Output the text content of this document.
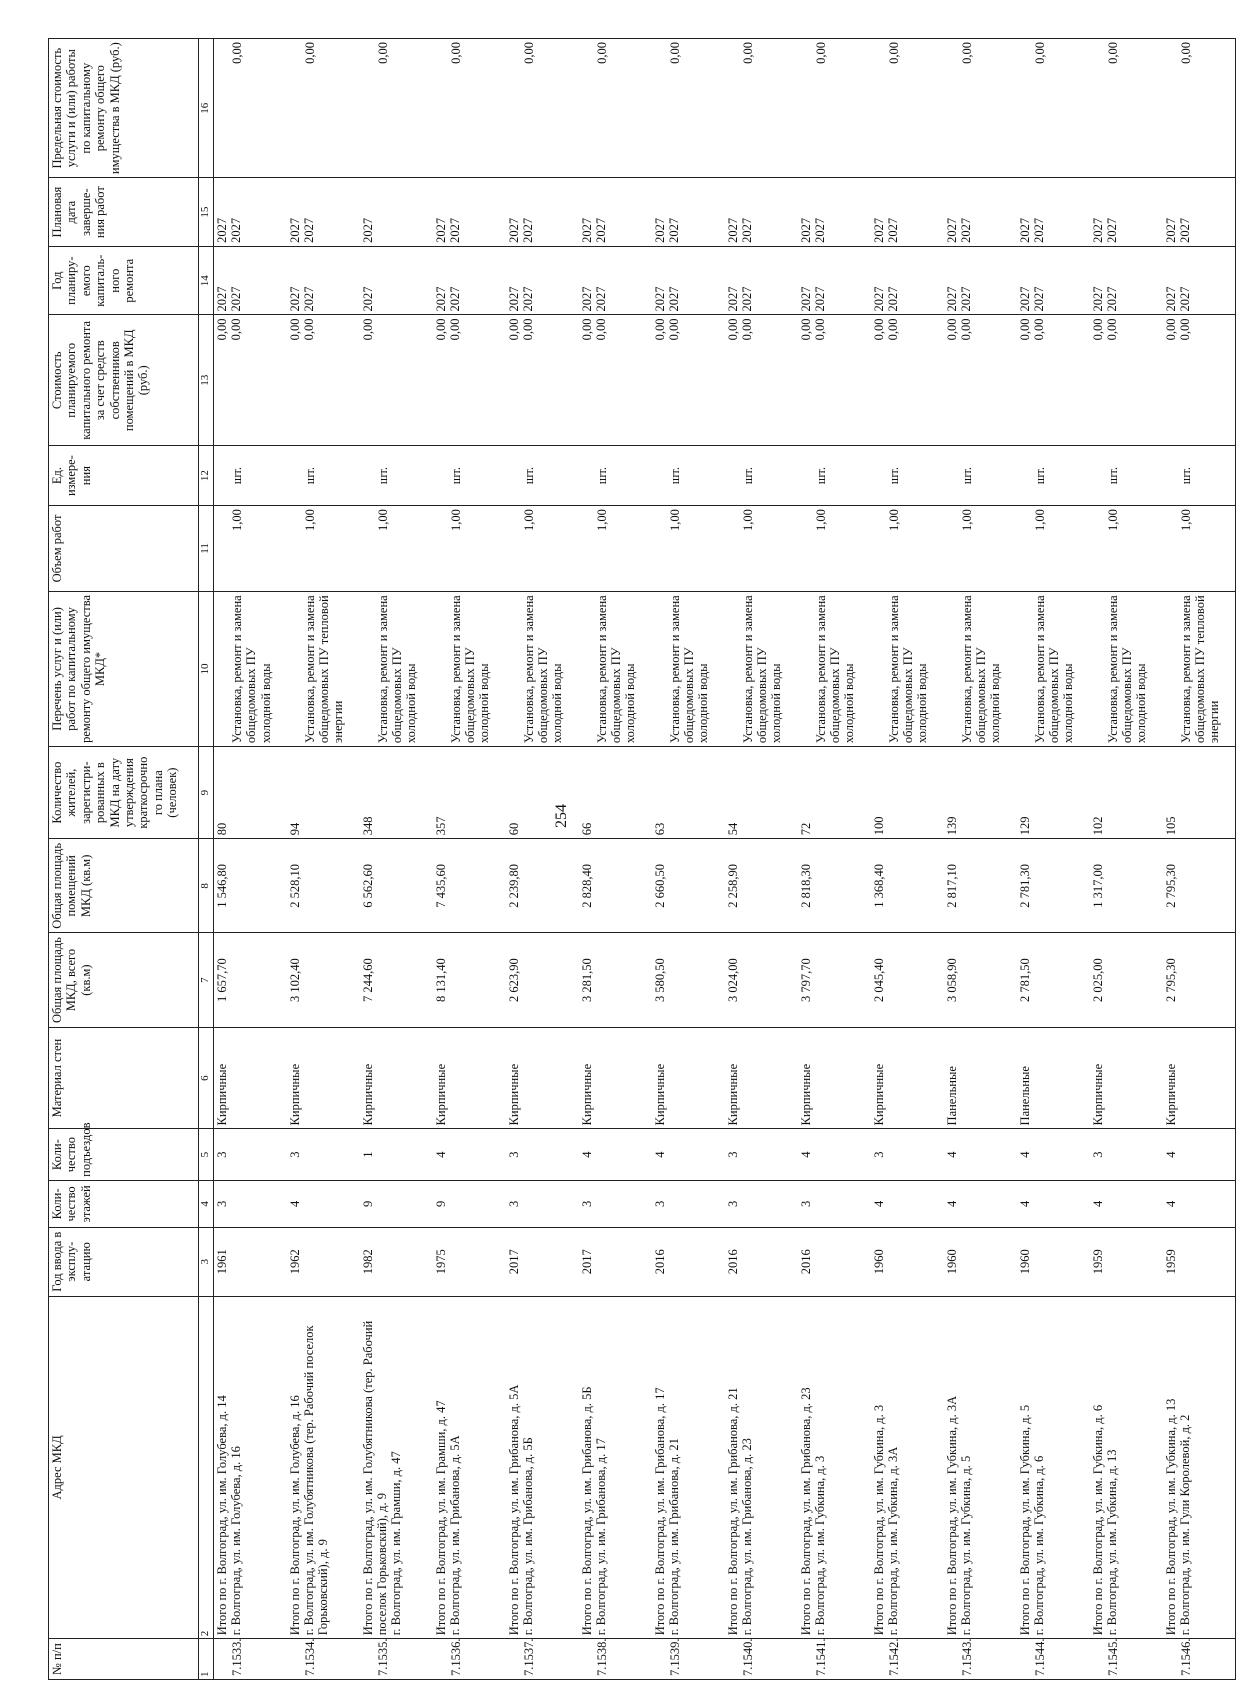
254
№ п/п	Адрес МКД	Год ввода в эксплу-атацию	Коли-чество этажей	Коли-чество подъездов	Материал стен	Общая площадь МКД, всего (кв.м)	Общая площадь помещений МКД (кв.м)	Количество жителей, зарегистри-рованных в МКД на дату утверждения краткосрочно го плана (человек)	Перечень услуг и (или) работ по капитальному ремонту общего имущества МКД*	Объем работ	Ед. измере-ния	Стоимость планируемого капитального ремонта за счет средств собственников помещений в МКД (руб.)	Год планиру-емого капиталь-ного ремонта	Плановая дата заверше-ния работ	Предельная стоимость услуги и (или) работы по капитальному ремонту общего имущества в МКД (руб.)
1	2	3	4	5	6	7	8	9	10	11	12	13	14	15	16

7.1533.	Итого по г. Волгоград, ул. им. Голубева, д. 14 г. Волгоград, ул. им. Голубева, д. 16	1961	3	3	Кирпичные	1 657,70	1 546,80	80	Установка, ремонт и замена общедомовых ПУ холодной воды	1,00	шт.	0,00 0,00	2027 2027	2027 2027	0,00

7.1534.	Итого по г. Волгоград, ул. им. Голубева, д. 16 г. Волгоград, ул. им. Голубятникова (тер. Рабочий поселок Горьковский), д. 9	1962	4	3	Кирпичные	3 102,40	2 528,10	94	Установка, ремонт и замена общедомовых ПУ тепловой энергии	1,00	шт.	0,00 0,00	2027 2027	2027 2027	0,00

7.1535.	Итого по г. Волгоград, ул. им. Голубятникова (тер. Рабочий поселок Горьковский), д. 9 г. Волгоград, ул. им. Грамши, д. 47	1982	9	1	Кирпичные	7 244,60	6 562,60	348	Установка, ремонт и замена общедомовых ПУ холодной воды	1,00	шт.	0,00	2027	2027	0,00

7.1536.	Итого по г. Волгоград, ул. им. Грамши, д. 47 г. Волгоград, ул. им. Грибанова, д. 5А	1975	9	4	Кирпичные	8 131,40	7 435,60	357	Установка, ремонт и замена общедомовых ПУ холодной воды	1,00	шт.	0,00 0,00	2027 2027	2027 2027	0,00

7.1537.	Итого по г. Волгоград, ул. им. Грибанова, д. 5А г. Волгоград, ул. им. Грибанова, д. 5Б	2017	3	3	Кирпичные	2 623,90	2 239,80	60	Установка, ремонт и замена общедомовых ПУ холодной воды	1,00	шт.	0,00 0,00	2027 2027	2027 2027	0,00

7.1538.	Итого по г. Волгоград, ул. им. Грибанова, д. 5Б г. Волгоград, ул. им. Грибанова, д. 17	2017	3	4	Кирпичные	3 281,50	2 828,40	66	Установка, ремонт и замена общедомовых ПУ холодной воды	1,00	шт.	0,00 0,00	2027 2027	2027 2027	0,00

7.1539.	Итого по г. Волгоград, ул. им. Грибанова, д. 17 г. Волгоград, ул. им. Грибанова, д. 21	2016	3	4	Кирпичные	3 580,50	2 660,50	63	Установка, ремонт и замена общедомовых ПУ холодной воды	1,00	шт.	0,00 0,00	2027 2027	2027 2027	0,00

7.1540.	Итого по г. Волгоград, ул. им. Грибанова, д. 21 г. Волгоград, ул. им. Грибанова, д. 23	2016	3	3	Кирпичные	3 024,00	2 258,90	54	Установка, ремонт и замена общедомовых ПУ холодной воды	1,00	шт.	0,00 0,00	2027 2027	2027 2027	0,00

7.1541.	Итого по г. Волгоград, ул. им. Грибанова, д. 23 г. Волгоград, ул. им. Губкина, д. 3	2016	3	4	Кирпичные	3 797,70	2 818,30	72	Установка, ремонт и замена общедомовых ПУ холодной воды	1,00	шт.	0,00 0,00	2027 2027	2027 2027	0,00

7.1542.	Итого по г. Волгоград, ул. им. Губкина, д. 3 г. Волгоград, ул. им. Губкина, д. 3А	1960	4	3	Кирпичные	2 045,40	1 368,40	100	Установка, ремонт и замена общедомовых ПУ холодной воды	1,00	шт.	0,00 0,00	2027 2027	2027 2027	0,00

7.1543.	Итого по г. Волгоград, ул. им. Губкина, д. 3А г. Волгоград, ул. им. Губкина, д. 5	1960	4	4	Панельные	3 058,90	2 817,10	139	Установка, ремонт и замена общедомовых ПУ холодной воды	1,00	шт.	0,00 0,00	2027 2027	2027 2027	0,00

7.1544.	Итого по г. Волгоград, ул. им. Губкина, д. 5 г. Волгоград, ул. им. Губкина, д. 6	1960	4	4	Панельные	2 781,50	2 781,30	129	Установка, ремонт и замена общедомовых ПУ холодной воды	1,00	шт.	0,00 0,00	2027 2027	2027 2027	0,00

7.1545.	Итого по г. Волгоград, ул. им. Губкина, д. 6 г. Волгоград, ул. им. Губкина, д. 13	1959	4	3	Кирпичные	2 025,00	1 317,00	102	Установка, ремонт и замена общедомовых ПУ холодной воды	1,00	шт.	0,00 0,00	2027 2027	2027 2027	0,00

7.1546.	Итого по г. Волгоград, ул. им. Губкина, д. 13 г. Волгоград, ул. им. Гули Королевой, д. 2	1959	4	4	Кирпичные	2 795,30	2 795,30	105	Установка, ремонт и замена общедомовых ПУ тепловой энергии	1,00	шт.	0,00 0,00	2027 2027	2027 2027	0,00
